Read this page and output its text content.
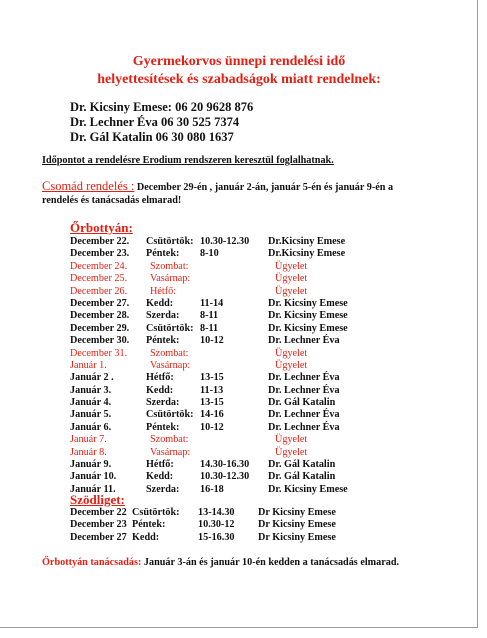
Gyermekorvos ünnepi rendelési idő
helyettesítések és szabadságok miatt rendelnek:
Dr. Kicsiny Emese: 06 20 9628 876
Dr. Lechner Éva 06 30 525 7374
Dr. Gál Katalin 06 30 080 1637
Időpontot a rendelésre Erodium rendszeren keresztül foglalhatnak.
Csomád rendelés : December 29-én , január 2-án, január 5-én és január 9-én a rendelés és tanácsadás elmarad!
Őrbottyán:
December 22. Csütörtök: 10.30-12.30 Dr.Kicsiny Emese
December 23. Péntek: 8-10	Dr.Kicsiny Emese
December 24. Szombat:	Ügyelet
December 25. Vasárnap:	Ügyelet
December 26. Hétfő:	Ügyelet
December 27. Kedd:	11-14	Dr. Kicsiny Emese
December 28. Szerda: 8-11	Dr. Kicsiny Emese
December 29. Csütörtök: 8-11	Dr. Kicsiny Emese
December 30. Péntek: 10-12	Dr. Lechner Éva
December 31. Szombat:	Ügyelet
Január 1.	Vasárnap:	Ügyelet
Január 2 .	Hétfő:	13-15	Dr. Lechner Éva
Január 3.	Kedd:	11-13	Dr. Lechner Éva
Január 4.	Szerda: 13-15	Dr. Gál Katalin
Január 5.	Csütörtök: 14-16	Dr. Lechner Éva
Január 6.	Péntek: 10-12	Dr. Lechner Éva
Január 7.	Szombat:	Ügyelet
Január 8.	Vasárnap:	Ügyelet
Január 9.	Hétfő:	14.30-16.30 Dr. Gál Katalin
Január 10.	Kedd:	10.30-12.30 Dr. Gál Katalin
Január 11.	Szerda: 16-18	Dr. Kicsiny Emese
Szödliget:
December 22 Csütörtök: 13-14.30 Dr Kicsiny Emese
December 23 Péntek:	10.30-12 Dr Kicsiny Emese
December 27 Kedd:	15-16.30 Dr Kicsiny Emese
Őrbottyán tanácsadás: Január 3-án és január 10-én kedden a tanácsadás elmarad.
